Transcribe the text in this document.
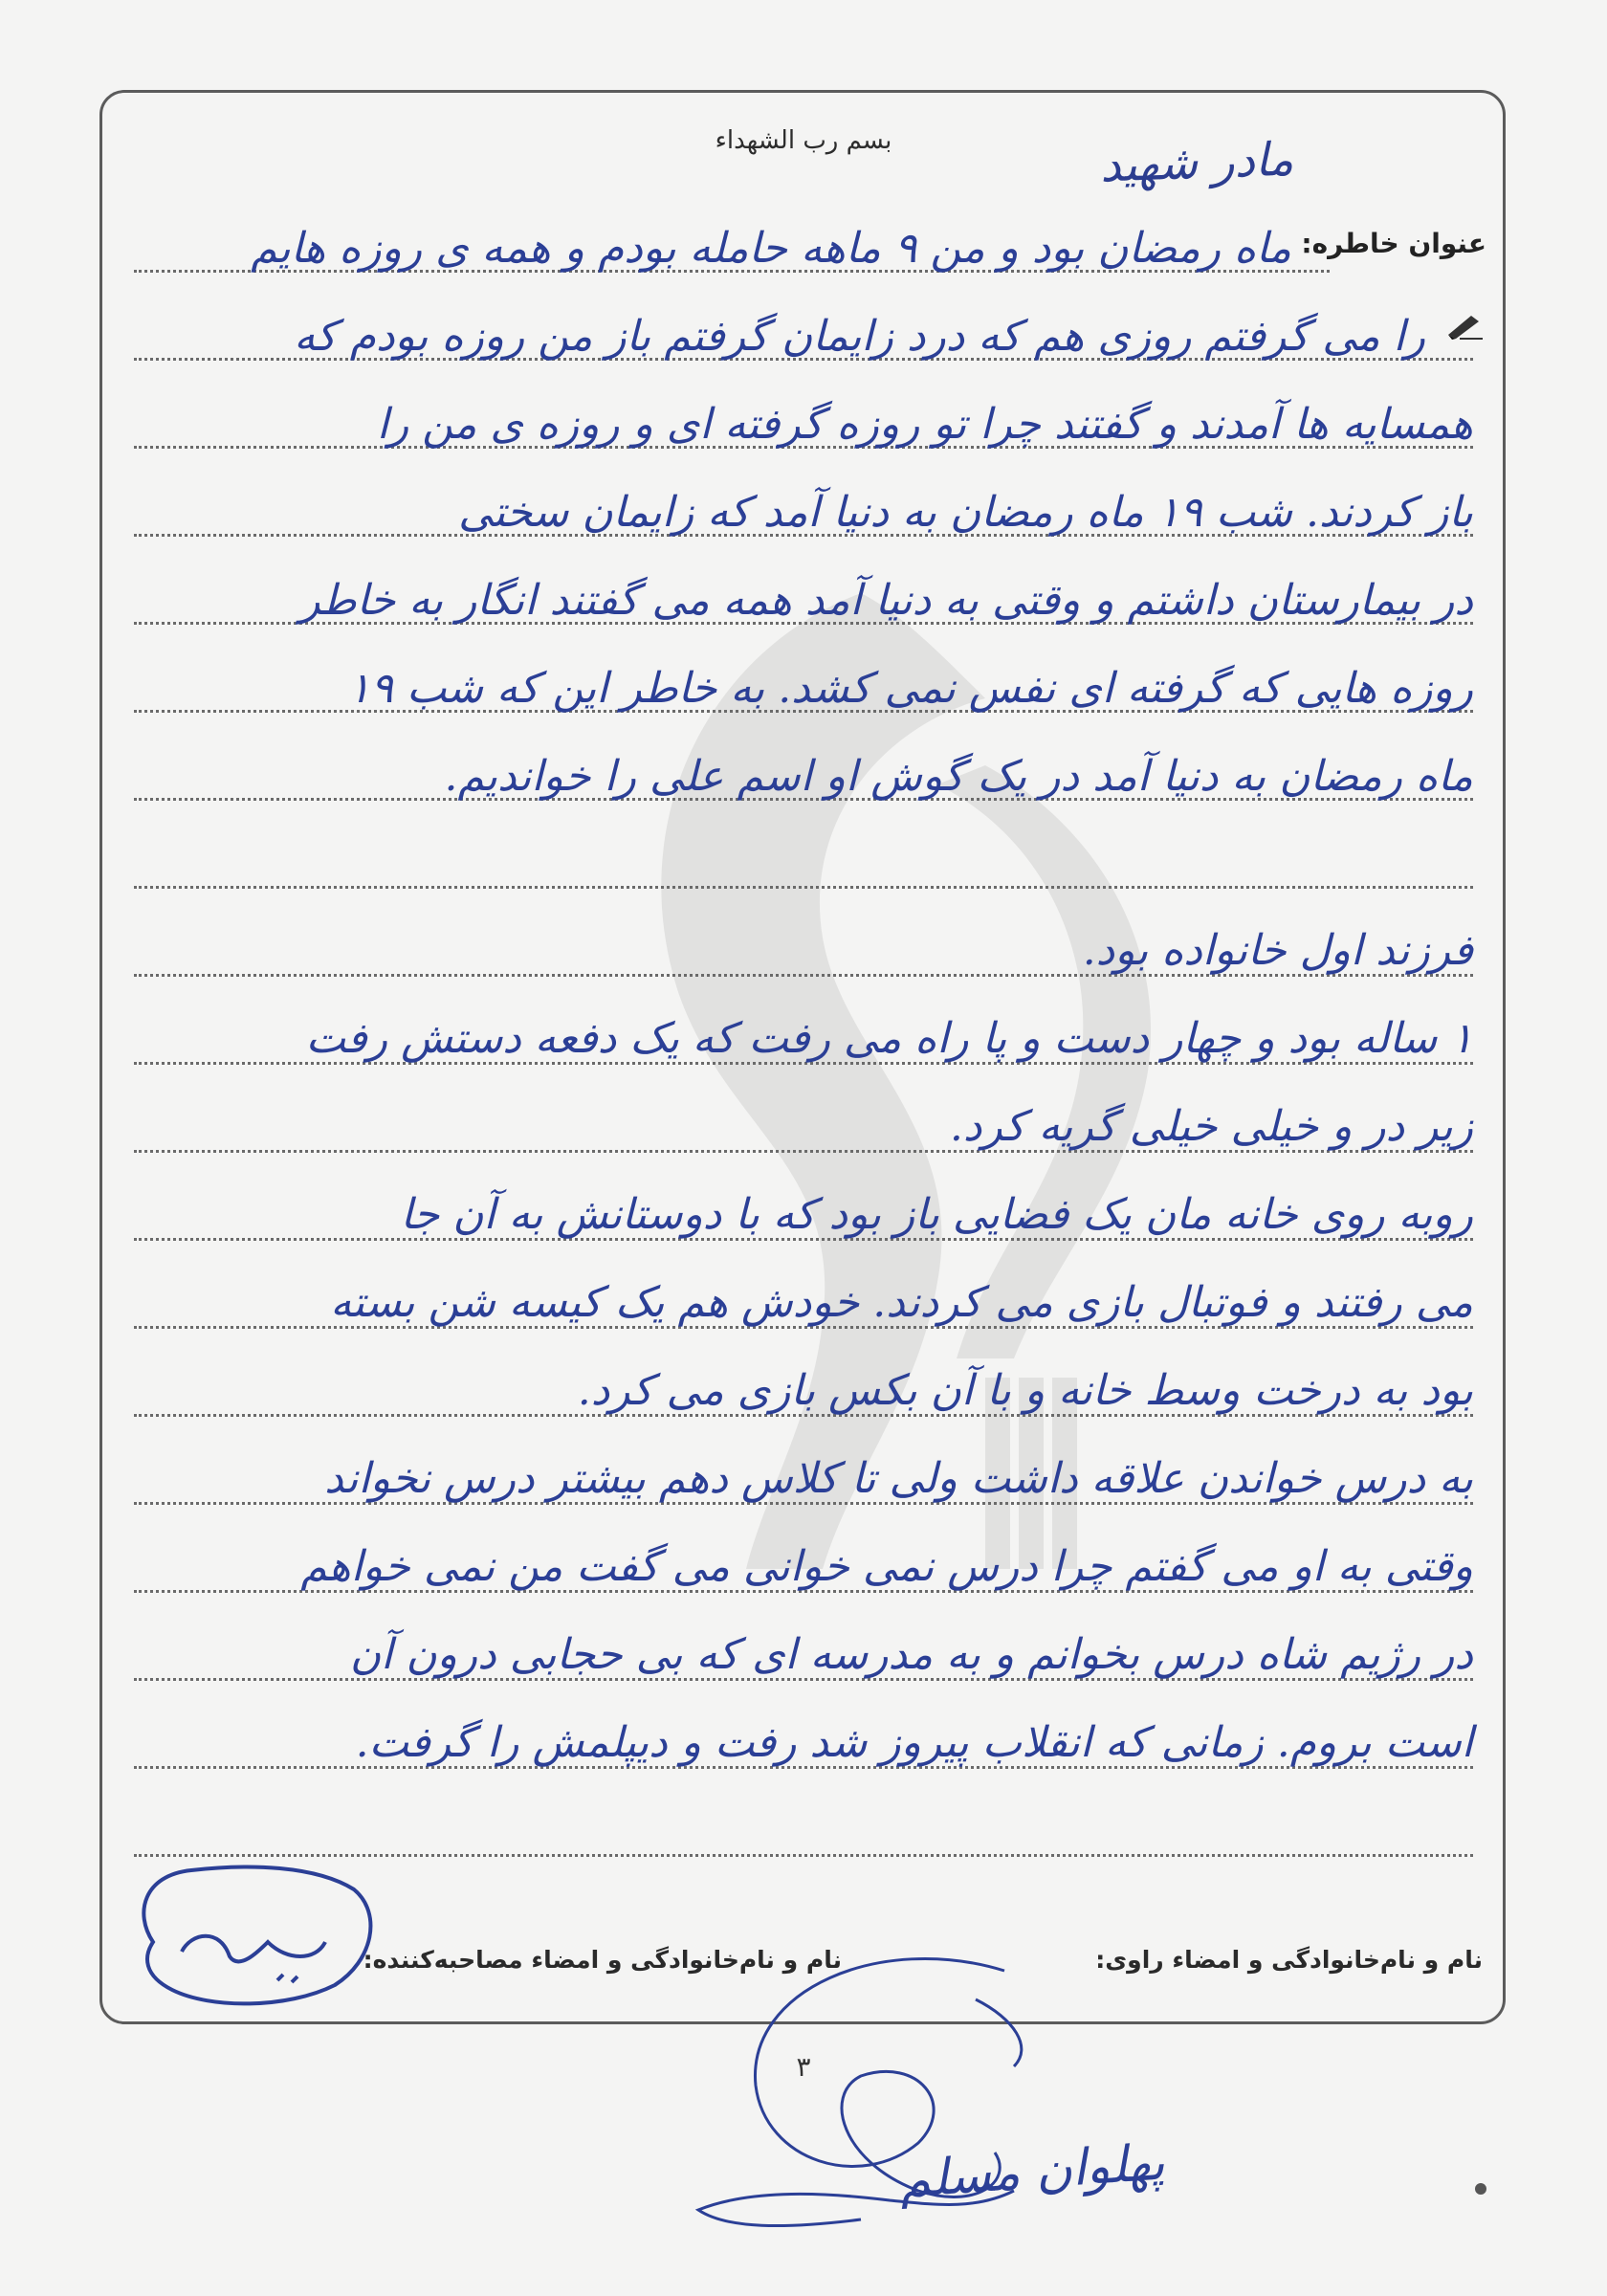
بسم رب الشهداء	مادر شهید
عنوان خاطره:
ماه رمضان بود و من ۹ ماهه حامله بودم و همه ی روزه هایم
را می گرفتم روزی هم که درد زایمان گرفتم باز من روزه بودم که
همسایه ها آمدند و گفتند چرا تو روزه گرفته ای و روزه ی من را
باز کردند. شب ۱۹ ماه رمضان به دنیا آمد که زایمان سختی
در بیمارستان داشتم و وقتی به دنیا آمد همه می گفتند انگار به خاطر
روزه هایی که گرفته ای نفس نمی کشد. به خاطر این که شب ۱۹
ماه رمضان به دنیا آمد در یک گوش او اسم علی را خواندیم.
فرزند اول خانواده بود.
۱ ساله بود و چهار دست و پا راه می رفت که یک دفعه دستش رفت
زیر در و خیلی خیلی گریه کرد.
روبه روی خانه مان یک فضایی باز بود که با دوستانش به آن جا
می رفتند و فوتبال بازی می کردند. خودش هم یک کیسه شن بسته
بود به درخت وسط خانه و با آن بکس بازی می کرد.
به درس خواندن علاقه داشت ولی تا کلاس دهم بیشتر درس نخواند
وقتی به او می گفتم چرا درس نمی خوانی می گفت من نمی خواهم
در رژیم شاه درس بخوانم و به مدرسه ای که بی حجابی درون آن
است بروم. زمانی که انقلاب پیروز شد رفت و دیپلمش را گرفت.
نام و نام‌خانوادگی و امضاء راوی:
نام و نام‌خانوادگی و امضاء مصاحبه‌کننده:
۳
پهلوان مسلم
